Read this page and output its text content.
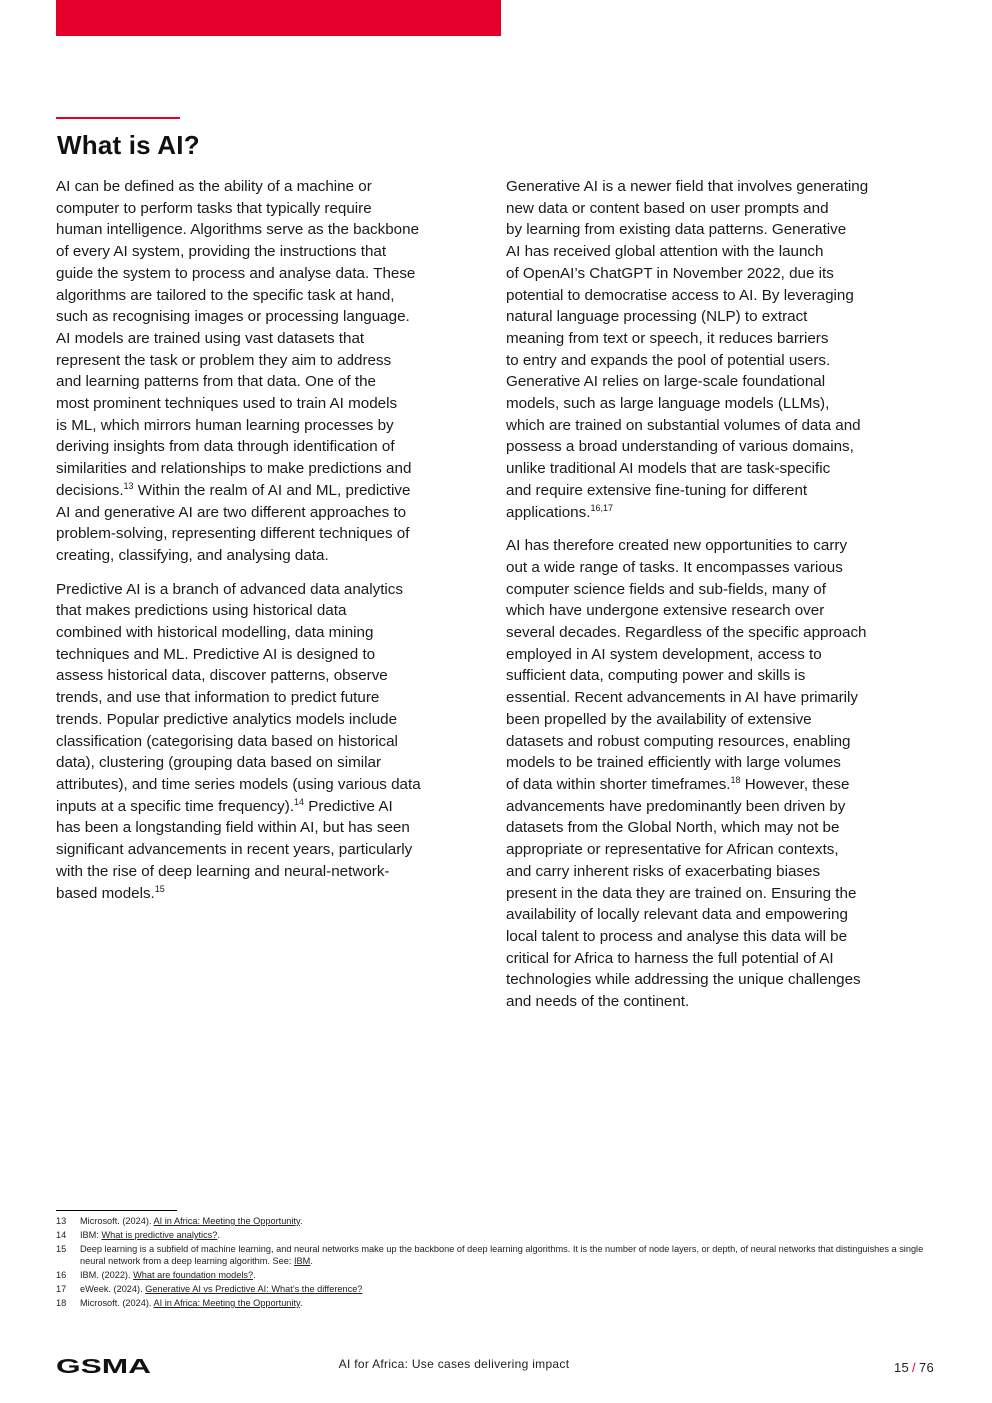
What is AI?

AI can be defined as the ability of a machine or
computer to perform tasks that typically require
human intelligence. Algorithms serve as the backbone
of every AI system, providing the instructions that
guide the system to process and analyse data. These
algorithms are tailored to the specific task at hand,
such as recognising images or processing language.
AI models are trained using vast datasets that
represent the task or problem they aim to address
and learning patterns from that data. One of the
most prominent techniques used to train AI models
is ML, which mirrors human learning processes by
deriving insights from data through identification of
similarities and relationships to make predictions and
decisions.$^{13}$ Within the realm of AI and ML, predictive
AI and generative AI are two different approaches to
problem-solving, representing different techniques of
creating, classifying, and analysing data.

Predictive AI is a branch of advanced data analytics
that makes predictions using historical data
combined with historical modelling, data mining
techniques and ML. Predictive AI is designed to
assess historical data, discover patterns, observe
trends, and use that information to predict future
trends. Popular predictive analytics models include
classification (categorising data based on historical
data), clustering (grouping data based on similar
attributes), and time series models (using various data
inputs at a specific time frequency).$^{14}$ Predictive AI
has been a longstanding field within AI, but has seen
significant advancements in recent years, particularly
with the rise of deep learning and neural-network-
based models.$^{15}$

Generative AI is a newer field that involves generating
new data or content based on user prompts and
by learning from existing data patterns. Generative
AI has received global attention with the launch
of OpenAI’s ChatGPT in November 2022, due its
potential to democratise access to AI. By leveraging
natural language processing (NLP) to extract
meaning from text or speech, it reduces barriers
to entry and expands the pool of potential users.
Generative AI relies on large-scale foundational
models, such as large language models (LLMs),
which are trained on substantial volumes of data and
possess a broad understanding of various domains,
unlike traditional AI models that are task-specific
and require extensive fine-tuning for different
applications.$^{16,17}$

AI has therefore created new opportunities to carry
out a wide range of tasks. It encompasses various
computer science fields and sub-fields, many of
which have undergone extensive research over
several decades. Regardless of the specific approach
employed in AI system development, access to
sufficient data, computing power and skills is
essential. Recent advancements in AI have primarily
been propelled by the availability of extensive
datasets and robust computing resources, enabling
models to be trained efficiently with large volumes
of data within shorter timeframes.$^{18}$ However, these
advancements have predominantly been driven by
datasets from the Global North, which may not be
appropriate or representative for African contexts,
and carry inherent risks of exacerbating biases
present in the data they are trained on. Ensuring the
availability of locally relevant data and empowering
local talent to process and analyse this data will be
critical for Africa to harness the full potential of AI
technologies while addressing the unique challenges
and needs of the continent.

13	Microsoft. (2024). AI in Africa: Meeting the Opportunity.
14	IBM: What is predictive analytics?.
15	Deep learning is a subfield of machine learning, and neural networks make up the backbone of deep learning algorithms. It is the number of node layers, or depth, of neural networks that distinguishes a single neural network from a deep learning algorithm. See: IBM.
16	IBM. (2022). What are foundation models?.
17	eWeek. (2024). Generative AI vs Predictive AI: What’s the difference?
18	Microsoft. (2024). AI in Africa: Meeting the Opportunity.
GSMA	AI for Africa: Use cases delivering impact	15 / 76
